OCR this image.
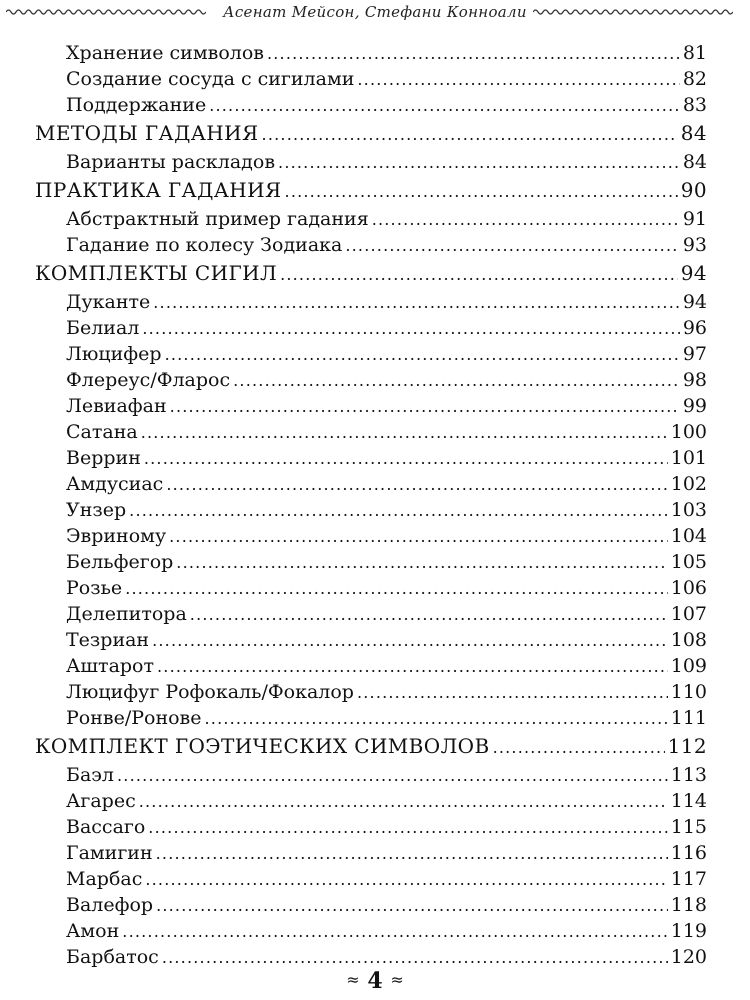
Асенат Мейсон, Стефани Конноали
Хранение символов .....	81
Создание сосуда с сигилами .....	82
Поддержание .....	83
МЕТОДЫ ГАДАНИЯ .....	84
Варианты раскладов .....	84
ПРАКТИКА ГАДАНИЯ .....	90
Абстрактный пример гадания .....	91
Гадание по колесу Зодиака .....	93
КОМПЛЕКТЫ СИГИЛ .....	94
Дуканте .....	94
Белиал .....	96
Люцифер .....	97
Флереус/Фларос .....	98
Левиафан .....	99
Сатана .....	100
Веррин .....	101
Амдусиас .....	102
Унзер .....	103
Эвриному .....	104
Бельфегор .....	105
Розье .....	106
Делепитора .....	107
Тезриан .....	108
Аштарот .....	109
Люцифуг Рофокаль/Фокалор .....	110
Ронве/Ронове .....	111
КОМПЛЕКТ ГОЭТИЧЕСКИХ СИМВОЛОВ .....	112
Баэл .....	113
Агарес .....	114
Вассаго .....	115
Гамигин .....	116
Марбас .....	117
Валефор .....	118
Амон .....	119
Барбатос .....	120
≈ 4 ≈
